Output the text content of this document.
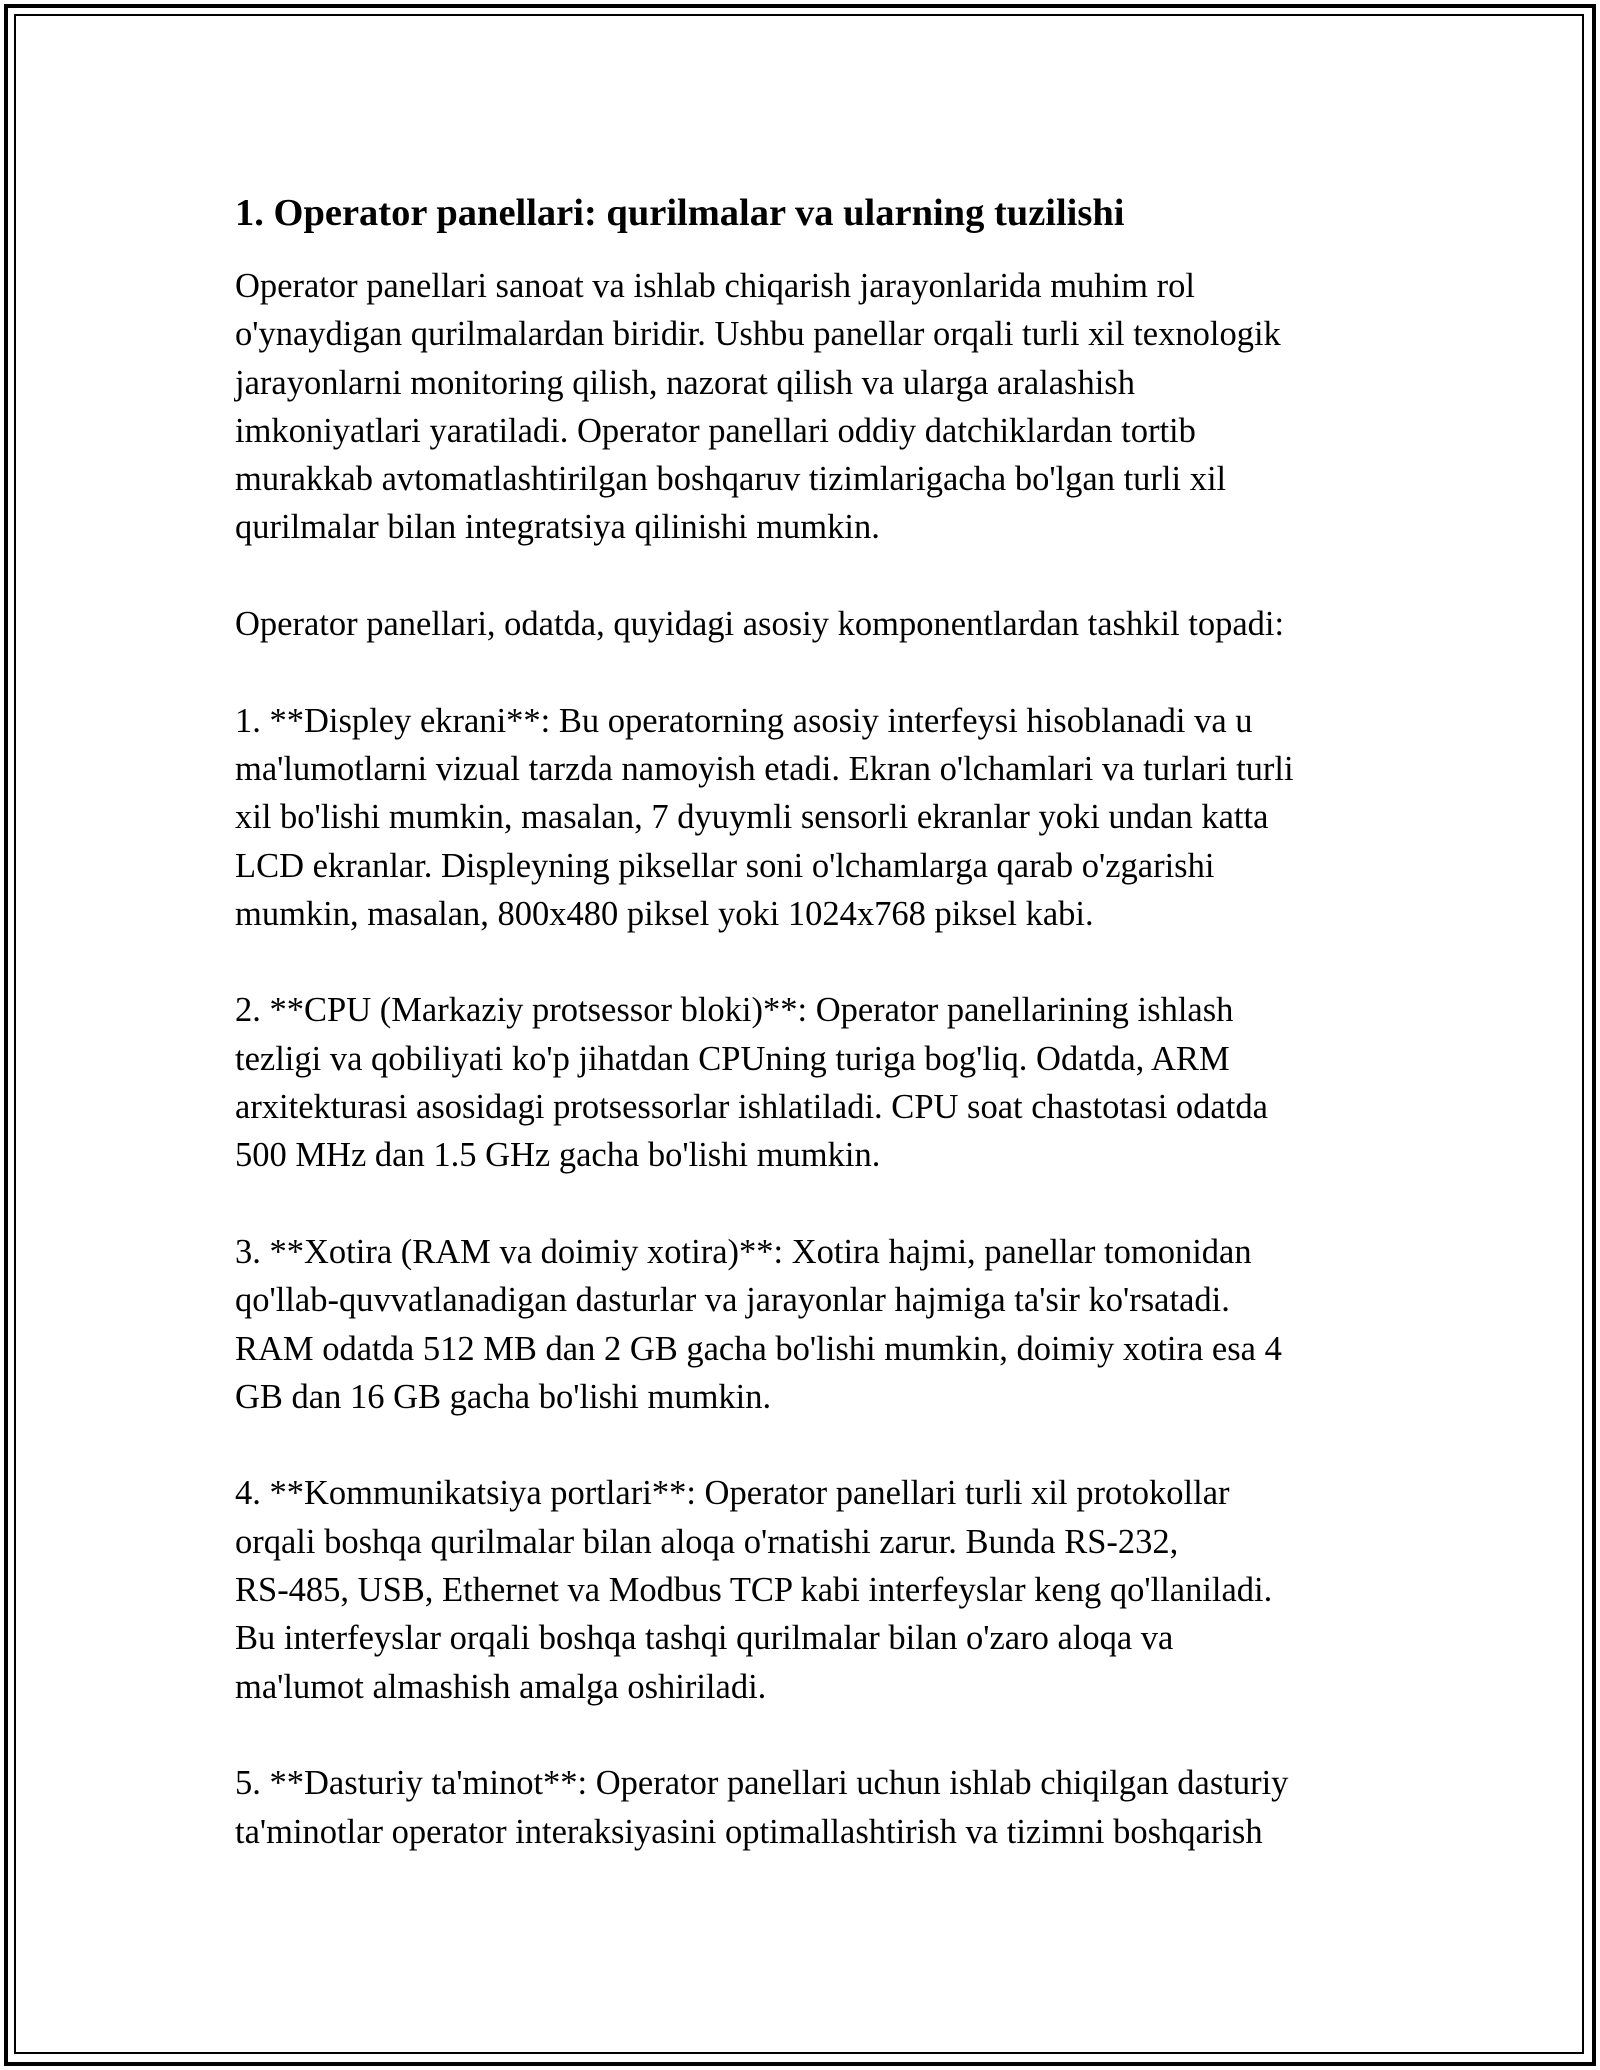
1. Operator panellari: qurilmalar va ularning tuzilishi

Operator panellari sanoat va ishlab chiqarish jarayonlarida muhim rol
o'ynaydigan qurilmalardan biridir. Ushbu panellar orqali turli xil texnologik
jarayonlarni monitoring qilish, nazorat qilish va ularga aralashish
imkoniyatlari yaratiladi. Operator panellari oddiy datchiklardan tortib
murakkab avtomatlashtirilgan boshqaruv tizimlarigacha bo'lgan turli xil
qurilmalar bilan integratsiya qilinishi mumkin.

Operator panellari, odatda, quyidagi asosiy komponentlardan tashkil topadi:

1. **Displey ekrani**: Bu operatorning asosiy interfeysi hisoblanadi va u
ma'lumotlarni vizual tarzda namoyish etadi. Ekran o'lchamlari va turlari turli
xil bo'lishi mumkin, masalan, 7 dyuymli sensorli ekranlar yoki undan katta
LCD ekranlar. Displeyning piksellar soni o'lchamlarga qarab o'zgarishi
mumkin, masalan, 800x480 piksel yoki 1024x768 piksel kabi.

2. **CPU (Markaziy protsessor bloki)**: Operator panellarining ishlash
tezligi va qobiliyati ko'p jihatdan CPUning turiga bog'liq. Odatda, ARM
arxitekturasi asosidagi protsessorlar ishlatiladi. CPU soat chastotasi odatda
500 MHz dan 1.5 GHz gacha bo'lishi mumkin.

3. **Xotira (RAM va doimiy xotira)**: Xotira hajmi, panellar tomonidan
qo'llab-quvvatlanadigan dasturlar va jarayonlar hajmiga ta'sir ko'rsatadi.
RAM odatda 512 MB dan 2 GB gacha bo'lishi mumkin, doimiy xotira esa 4
GB dan 16 GB gacha bo'lishi mumkin.

4. **Kommunikatsiya portlari**: Operator panellari turli xil protokollar
orqali boshqa qurilmalar bilan aloqa o'rnatishi zarur. Bunda RS-232,
RS-485, USB, Ethernet va Modbus TCP kabi interfeyslar keng qo'llaniladi.
Bu interfeyslar orqali boshqa tashqi qurilmalar bilan o'zaro aloqa va
ma'lumot almashish amalga oshiriladi.

5. **Dasturiy ta'minot**: Operator panellari uchun ishlab chiqilgan dasturiy
ta'minotlar operator interaksiyasini optimallashtirish va tizimni boshqarish
